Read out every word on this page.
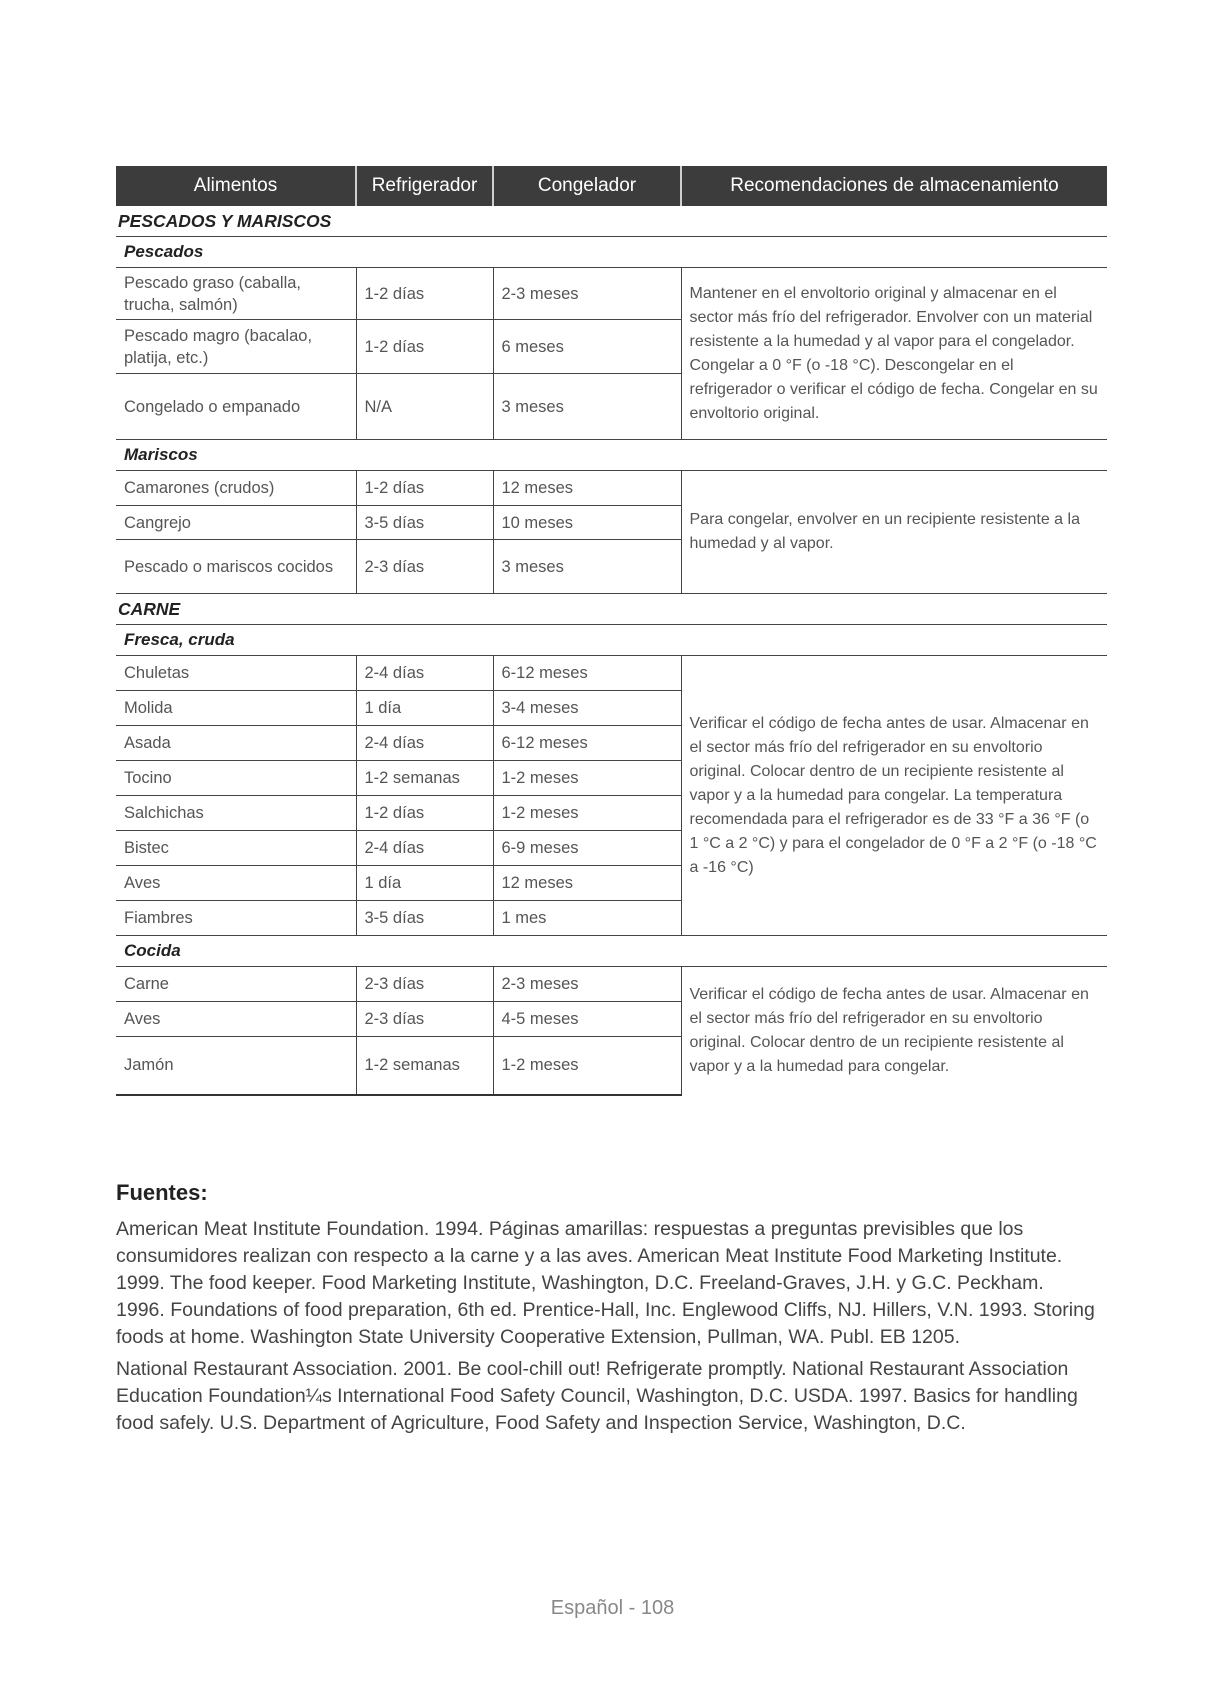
Alimentos	Refrigerador	Congelador	Recomendaciones de almacenamiento
PESCADOS Y MARISCOS			
Pescados			
Pescado graso (caballa, trucha, salmón)	1-2 días	2-3 meses	Mantener en el envoltorio original y almacenar en el sector más frío del refrigerador. Envolver con un material resistente a la humedad y al vapor para el congelador. Congelar a 0 °F (o -18 °C). Descongelar en el refrigerador o verificar el código de fecha. Congelar en su envoltorio original.
Pescado magro (bacalao, platija, etc.)	1-2 días	6 meses	
Congelado o empanado	N/A	3 meses	
Mariscos			
Camarones (crudos)	1-2 días	12 meses	Para congelar, envolver en un recipiente resistente a la humedad y al vapor.
Cangrejo	3-5 días	10 meses	
Pescado o mariscos cocidos	2-3 días	3 meses	
CARNE			
Fresca, cruda			
Chuletas	2-4 días	6-12 meses	Verificar el código de fecha antes de usar. Almacenar en el sector más frío del refrigerador en su envoltorio original. Colocar dentro de un recipiente resistente al vapor y a la humedad para congelar. La temperatura recomendada para el refrigerador es de 33 °F a 36 °F (o 1 °C a 2 °C) y para el congelador de 0 °F a 2 °F (o -18 °C a -16 °C)
Molida	1 día	3-4 meses	
Asada	2-4 días	6-12 meses	
Tocino	1-2 semanas	1-2 meses	
Salchichas	1-2 días	1-2 meses	
Bistec	2-4 días	6-9 meses	
Aves	1 día	12 meses	
Fiambres	3-5 días	1 mes	
Cocida			
Carne	2-3 días	2-3 meses	Verificar el código de fecha antes de usar. Almacenar en el sector más frío del refrigerador en su envoltorio original. Colocar dentro de un recipiente resistente al vapor y a la humedad para congelar.
Aves	2-3 días	4-5 meses	
Jamón	1-2 semanas	1-2 meses	
Fuentes:

American Meat Institute Foundation. 1994. Páginas amarillas: respuestas a preguntas previsibles que los consumidores realizan con respecto a la carne y a las aves. American Meat Institute Food Marketing Institute. 1999. The food keeper. Food Marketing Institute, Washington, D.C. Freeland-Graves, J.H. y G.C. Peckham. 1996. Foundations of food preparation, 6th ed. Prentice-Hall, Inc. Englewood Cliffs, NJ. Hillers, V.N. 1993. Storing foods at home. Washington State University Cooperative Extension, Pullman, WA. Publ. EB 1205.

National Restaurant Association. 2001. Be cool-chill out! Refrigerate promptly. National Restaurant Association Education Foundation¼s International Food Safety Council, Washington, D.C. USDA. 1997. Basics for handling food safely. U.S. Department of Agriculture, Food Safety and Inspection Service, Washington, D.C.

Español - 108
